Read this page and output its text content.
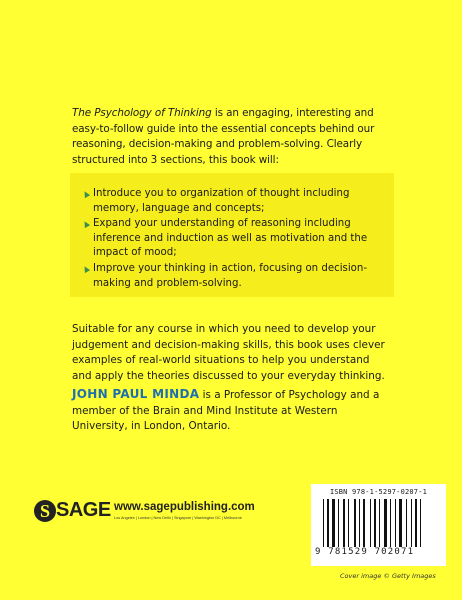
The Psychology of Thinking is an engaging, interesting and easy-to-follow guide into the essential concepts behind our reasoning, decision-making and problem-solving. Clearly structured into 3 sections, this book will:

Introduce you to organization of thought including memory, language and concepts;
Expand your understanding of reasoning including inference and induction as well as motivation and the impact of mood;
Improve your thinking in action, focusing on decision-making and problem-solving.

Suitable for any course in which you need to develop your judgement and decision-making skills, this book uses clever examples of real-world situations to help you understand and apply the theories discussed to your everyday thinking.

JOHN PAUL MINDA is a Professor of Psychology and a member of the Brain and Mind Institute at Western University, in London, Ontario.

S SAGE www.sagepublishing.com
Los Angeles | London | New Delhi | Singapore | Washington DC | Melbourne
ISBN 978-1-5297-0207-1
9 781529 702071
Cover image © Getty Images
